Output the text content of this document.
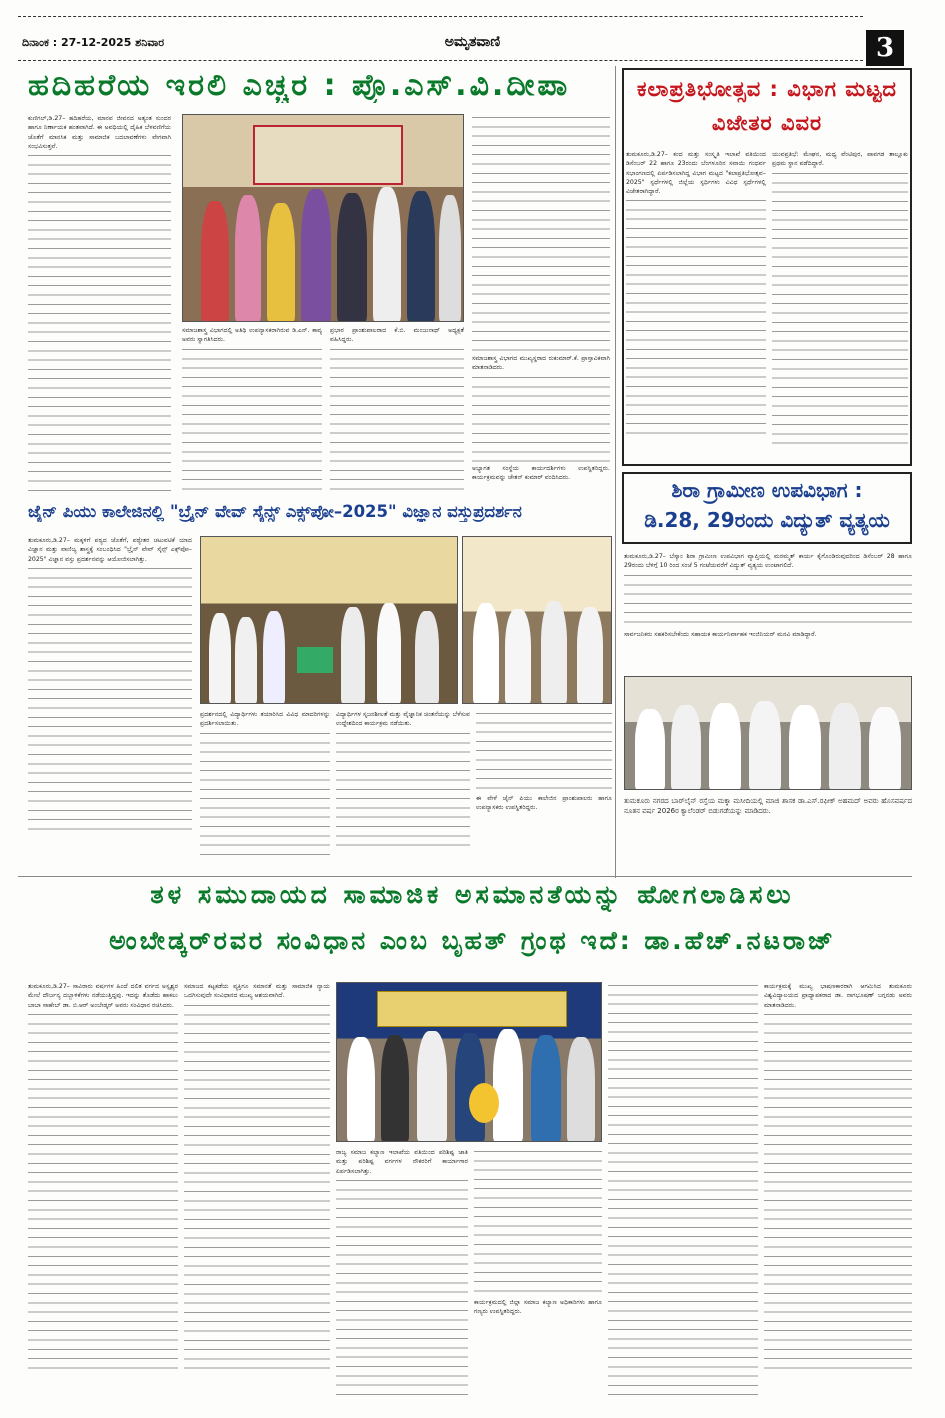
ದಿನಾಂಕ : 27-12-2025 ಶನಿವಾರ	ಅಮೃತವಾಣಿ	3
ಹದಿಹರೆಯ ಇರಲಿ ಎಚ್ಚರ : ಪ್ರೊ.ಎಸ್.ವಿ.ದೀಪಾ

ಕುಣಿಗಲ್,ಡಿ.27– ಹದಿಹರೆಯ, ಮಾನವ ಜೀವನದ ಅತ್ಯಂತ ಸುಂದರ ಹಾಗೂ ನಿರ್ಣಾಯಕ ಹಂತವಾಗಿದೆ. ಈ ಅವಧಿಯಲ್ಲಿ ದೈಹಿಕ ಬೆಳವಣಿಗೆಯ ಜೊತೆಗೆ ಮಾನಸಿಕ ಮತ್ತು ಸಾಮಾಜಿಕ ಬದಲಾವಣೆಗಳು ವೇಗವಾಗಿ ಸಂಭವಿಸುತ್ತವೆ.

ಸಮಾಜಶಾಸ್ತ್ರ ವಿಭಾಗದಲ್ಲಿ ಅತಿಥಿ ಉಪನ್ಯಾಸಕರಾಗಿರುವ ಡಿ.ಎನ್. ಕಾವ್ಯ ಅವರು ಸ್ವಾಗತಿಸಿದರು.

ಪ್ರಭಾರ ಪ್ರಾಂಶುಪಾಲರಾದ ಕೆ.ಬಿ. ಮಂಜುನಾಥ್ ಅಧ್ಯಕ್ಷತೆ ವಹಿಸಿದ್ದರು.

ಸಮಾಜಶಾಸ್ತ್ರ ವಿಭಾಗದ ಮುಖ್ಯಸ್ಥರಾದ ರುಕುಮಾರ್.ಕೆ. ಪ್ರಾಸ್ತಾವಿಕವಾಗಿ ಮಾತನಾಡಿದರು.

ಅಭ್ಯಾಗತ ಸಂಸ್ಥೆಯ ಕಾರ್ಯದರ್ಶಿಗಳು ಉಪಸ್ಥಿತರಿದ್ದರು. ಕಾರ್ಯಕ್ರಮವನ್ನು ಚೇತನ್ ಕುಮಾರ್ ವಂದಿಸಿದರು.

ಕಲಾಪ್ರತಿಭೋತ್ಸವ : ವಿಭಾಗ ಮಟ್ಟದ ವಿಜೇತರ ವಿವರ

ತುಮಕೂರು,ಡಿ.27– ಕಂದ ಮತ್ತು ಸಂಸ್ಕೃತಿ ಇಲಾಖೆ ವತಿಯಿಂದ ಡಿಸೆಂಬರ್ 22 ಹಾಗೂ 23ರಂದು ಬೆಂಗಳೂರಿನ ಸವಾಯಿ ಗಂಧರ್ವ ಸಭಾಂಗಣದಲ್ಲಿ ಏರ್ಪಡಿಸಲಾಗಿದ್ದ ವಿಭಾಗ ಮಟ್ಟದ "ಕಲಾಪ್ರತಿಭೋತ್ಸವ–2025" ಸ್ಪರ್ಧೆಗಳಲ್ಲಿ ಜಿಲ್ಲೆಯ ಸ್ಪರ್ಧಿಗಳು ವಿವಿಧ ಸ್ಪರ್ಧೆಗಳಲ್ಲಿ ವಿಜೇತರಾಗಿದ್ದಾರೆ.

ಯುವಪ್ರತಿಭೆ: ಮೇಘನ, ಮಧ್ಯ ವೆಂಟಿಪುರ, ಪಾವಗಡ ತಾಲ್ಲೂಕು ಪ್ರಥಮ ಸ್ಥಾನ ಪಡೆದಿದ್ದಾರೆ.

ಜೈನ್ ಪಿಯು ಕಾಲೇಜಿನಲ್ಲಿ "ಬ್ರೈನ್ ವೇವ್ ಸೈನ್ಸ್ ಎಕ್ಸ್‌ಪೋ–2025" ವಿಜ್ಞಾನ ವಸ್ತುಪ್ರದರ್ಶನ

ತುಮಕೂರು,ಡಿ.27– ಮಕ್ಕಳಿಗೆ ಪಠ್ಯದ ಜೊತೆಗೆ, ಪಠ್ಯೇತರ ಚಟುವಟಿಕೆ ಯಾದ ವಿಜ್ಞಾನ ಮತ್ತು ವಾಣಿಜ್ಯ ಶಾಸ್ತ್ರಕ್ಕೆ ಸಂಬಂಧಿಸಿದ "ಬ್ರೈನ್ ವೇವ್ ಸೈನ್ಸ್ ಎಕ್ಸ್‌ಪೋ–2025" ವಿಜ್ಞಾನ ವಸ್ತು ಪ್ರದರ್ಶನವನ್ನು ಆಯೋಜಿಸಲಾಗಿತ್ತು.

ಪ್ರದರ್ಶನದಲ್ಲಿ ವಿದ್ಯಾರ್ಥಿಗಳು ತಯಾರಿಸಿದ ವಿವಿಧ ಮಾದರಿಗಳನ್ನು ಪ್ರದರ್ಶಿಸಲಾಯಿತು.

ವಿದ್ಯಾರ್ಥಿಗಳ ಸೃಜನಶೀಲತೆ ಮತ್ತು ವೈಜ್ಞಾನಿಕ ಚಿಂತನೆಯನ್ನು ಬೆಳೆಸುವ ಉದ್ದೇಶದಿಂದ ಕಾರ್ಯಕ್ರಮ ನಡೆಯಿತು.

ಈ ವೇಳೆ ಜೈನ್ ಪಿಯು ಕಾಲೇಜಿನ ಪ್ರಾಂಶುಪಾಲರು ಹಾಗೂ ಉಪನ್ಯಾಸಕರು ಉಪಸ್ಥಿತರಿದ್ದರು.

ಶಿರಾ ಗ್ರಾಮೀಣ ಉಪವಿಭಾಗ :
ಡಿ.28, 29ರಂದು ವಿದ್ಯುತ್ ವ್ಯತ್ಯಯ

ತುಮಕೂರು,ಡಿ.27– ಬೆಸ್ಕಾಂ ಶಿರಾ ಗ್ರಾಮೀಣ ಉಪವಿಭಾಗ ವ್ಯಾಪ್ತಿಯಲ್ಲಿ ಮರಮ್ಮತ್ ಕಾರ್ಯ ಕೈಗೊಂಡಿರುವುದರಿಂದ ಡಿಸೆಂಬರ್ 28 ಹಾಗೂ 29ರಂದು ಬೆಳಿಗ್ಗೆ 10 ರಿಂದ ಸಂಜೆ 5 ಗಂಟೆಯವರೆಗೆ ವಿದ್ಯುತ್ ವ್ಯತ್ಯಯ ಉಂಟಾಗಲಿದೆ.

ಸಾರ್ವಜನಿಕರು ಸಹಕರಿಸಬೇಕೆಂದು ಸಹಾಯಕ ಕಾರ್ಯನಿರ್ವಾಹಕ ಇಂಜಿನಿಯರ್ ಮನವಿ ಮಾಡಿದ್ದಾರೆ.

ತುಮಕೂರು ನಗರದ ಬಾರ್‌ಲೈನ್ ರಸ್ತೆಯ ಮಕ್ಕಾ ಮಸೀದಿಯಲ್ಲಿ ಮಾಜಿ ಶಾಸಕ ಡಾ.ಎಸ್.ರಫೀಕ್ ಅಹಮದ್ ಅವರು ಹೊಸವರ್ಷದ ನೂತನ ವರ್ಷ 2026ರ ಕ್ಯಾಲೆಂಡರ್ ಬಿಡುಗಡೆಯನ್ನು ಮಾಡಿದರು.
ತಳ ಸಮುದಾಯದ ಸಾಮಾಜಿಕ ಅಸಮಾನತೆಯನ್ನು ಹೋಗಲಾಡಿಸಲು
ಅಂಬೇಡ್ಕರ್‌ರವರ ಸಂವಿಧಾನ ಎಂಬ ಬೃಹತ್ ಗ್ರಂಥ ಇದೆ: ಡಾ.ಹೆಚ್.ನಟರಾಜ್

ತುಮಕೂರು,ಡಿ.27– ಸಾವಿರಾರು ವರ್ಷಗಳ ಹಿಂದೆ ದಲಿತ ವರ್ಗದ ಅಸ್ಪೃಶ್ಯರ ಮೇಲೆ ದೌರ್ಜನ್ಯ ದಬ್ಬಾಳಿಕೆಗಳು ನಡೆಯುತ್ತಿದ್ದವು. ಇದನ್ನು ತೊಡೆದು ಹಾಕಲು ಬಾಬಾ ಸಾಹೇಬ್ ಡಾ. ಬಿ.ಆರ್ ಅಂಬೇಡ್ಕರ್ ಅವರು ಸಂವಿಧಾನ ರಚಿಸಿದರು.

ಸಮಾಜದ ಕಟ್ಟಕಡೆಯ ವ್ಯಕ್ತಿಗೂ ಸಮಾನತೆ ಮತ್ತು ಸಾಮಾಜಿಕ ನ್ಯಾಯ ಒದಗಿಸುವುದೇ ಸಂವಿಧಾನದ ಮುಖ್ಯ ಆಶಯವಾಗಿದೆ.

ರಾಜ್ಯ ಸಮಾಜ ಕಲ್ಯಾಣ ಇಲಾಖೆಯ ವತಿಯಿಂದ ಪರಿಶಿಷ್ಟ ಜಾತಿ ಮತ್ತು ಪರಿಶಿಷ್ಟ ವರ್ಗಗಳ ನೌಕರರಿಗೆ ಕಾರ್ಯಾಗಾರ ಏರ್ಪಡಿಸಲಾಗಿತ್ತು.

ಕಾರ್ಯಕ್ರಮದಲ್ಲಿ ಜಿಲ್ಲಾ ಸಮಾಜ ಕಲ್ಯಾಣ ಅಧಿಕಾರಿಗಳು ಹಾಗೂ ಗಣ್ಯರು ಉಪಸ್ಥಿತರಿದ್ದರು.

ಕಾರ್ಯಕ್ರಮಕ್ಕೆ ಮುಖ್ಯ ಭಾಷಣಕಾರರಾಗಿ ಆಗಮಿಸಿದ ತುಮಕೂರು ವಿಶ್ವವಿದ್ಯಾಲಯದ ಪ್ರಾಧ್ಯಾಪಕರಾದ ಡಾ. ನಾಗಭೂಷಣ್ ಬಗ್ಗನಡು ಅವರು ಮಾತನಾಡಿದರು.
